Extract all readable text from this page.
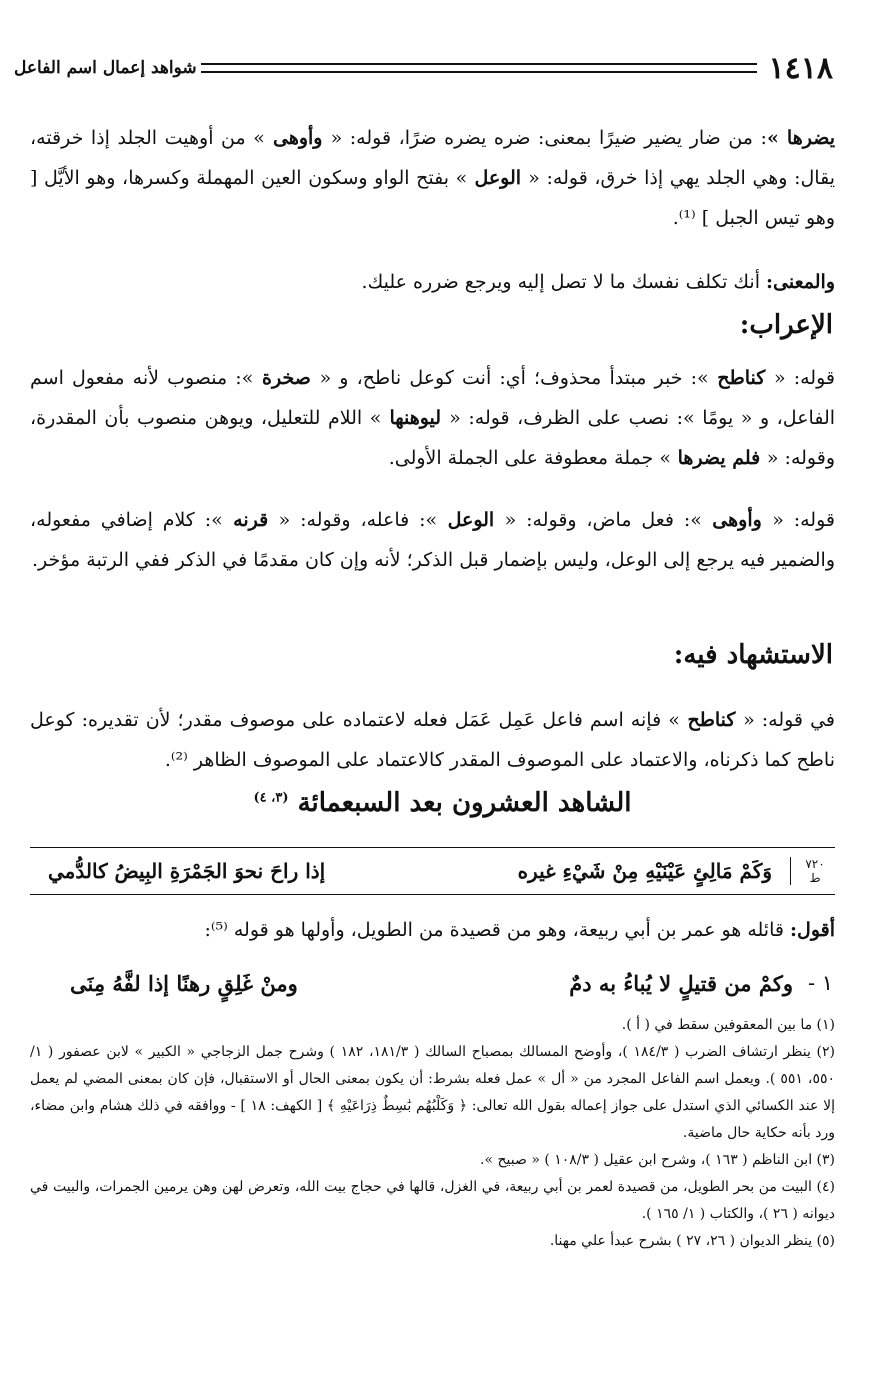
١٤١٨
شواهد إعمال اسم الفاعل
يضرها »: من ضار يضير ضيرًا بمعنى: ضره يضره ضرًا، قوله: « وأوهى » من أوهيت الجلد إذا خرقته، يقال: وهي الجلد يهي إذا خرق، قوله: « الوعل » بفتح الواو وسكون العين المهملة وكسرها، وهو الأيَّل [ وهو تيس الجبل ] ⁽¹⁾.
والمعنى: أنك تكلف نفسك ما لا تصل إليه ويرجع ضرره عليك.
الإعراب:
قوله: « كناطح »: خبر مبتدأ محذوف؛ أي: أنت كوعل ناطح، و « صخرة »: منصوب لأنه مفعول اسم الفاعل، و « يومًا »: نصب على الظرف، قوله: « ليوهنها » اللام للتعليل، ويوهن منصوب بأن المقدرة، وقوله: « فلم يضرها » جملة معطوفة على الجملة الأولى.
قوله: « وأوهى »: فعل ماض، وقوله: « الوعل »: فاعله، وقوله: « قرنه »: كلام إضافي مفعوله، والضمير فيه يرجع إلى الوعل، وليس بإضمار قبل الذكر؛ لأنه وإن كان مقدمًا في الذكر ففي الرتبة مؤخر.
الاستشهاد فيه:
في قوله: « كناطح » فإنه اسم فاعل عَمِل عَمَل فعله لاعتماده على موصوف مقدر؛ لأن تقديره: كوعل ناطح كما ذكرناه، والاعتماد على الموصوف المقدر كالاعتماد على الموصوف الظاهر ⁽²⁾.
الشاهد العشرون بعد السبعمائة $^{(٣، ٤)}$
٧٢٠
ط
وَكَمْ مَالِئٍ عَيْنَيْهِ مِنْ شَيْءِ غيره
إذا راحَ نحوَ الجَمْرَةِ البِيضُ كالدُّمي
أقول: قائله هو عمر بن أبي ربيعة، وهو من قصيدة من الطويل، وأولها هو قوله ⁽⁵⁾:
١ -
وكمْ من قتيلٍ لا يُباءُ به دمٌ
ومنْ غَلِقٍ رهنًا إذا لفَّهُ مِنَى
(١) ما بين المعقوفين سقط في ( أ ).
(٢) ينظر ارتشاف الضرب ( ١٨٤/٣ )، وأوضح المسالك بمصباح السالك ( ١٨١/٣، ١٨٢ ) وشرح جمل الزجاجي « الكبير » لابن عصفور ( ١/ ٥٥٠، ٥٥١ ). ويعمل اسم الفاعل المجرد من « أل » عمل فعله بشرط: أن يكون بمعنى الحال أو الاستقبال، فإن كان بمعنى المضي لم يعمل إلا عند الكسائي الذي استدل على جواز إعماله بقول الله تعالى: ﴿ وَكَلْبُهُم بَٰسِطٌ ذِرَاعَيْهِ ﴾ [ الكهف: ١٨ ] - ووافقه في ذلك هشام وابن مضاء، ورد بأنه حكاية حال ماضية.
(٣) ابن الناظم ( ١٦٣ )، وشرح ابن عقيل ( ١٠٨/٣ ) « صبيح ».
(٤) البيت من بحر الطويل، من قصيدة لعمر بن أبي ربيعة، في الغزل، قالها في حجاج بيت الله، وتعرض لهن وهن يرمين الجمرات، والبيت في ديوانه ( ٢٦ )، والكتاب ( ١/ ١٦٥ ).
(٥) ينظر الديوان ( ٢٦، ٢٧ ) بشرح عبدأ علي مهنا.
